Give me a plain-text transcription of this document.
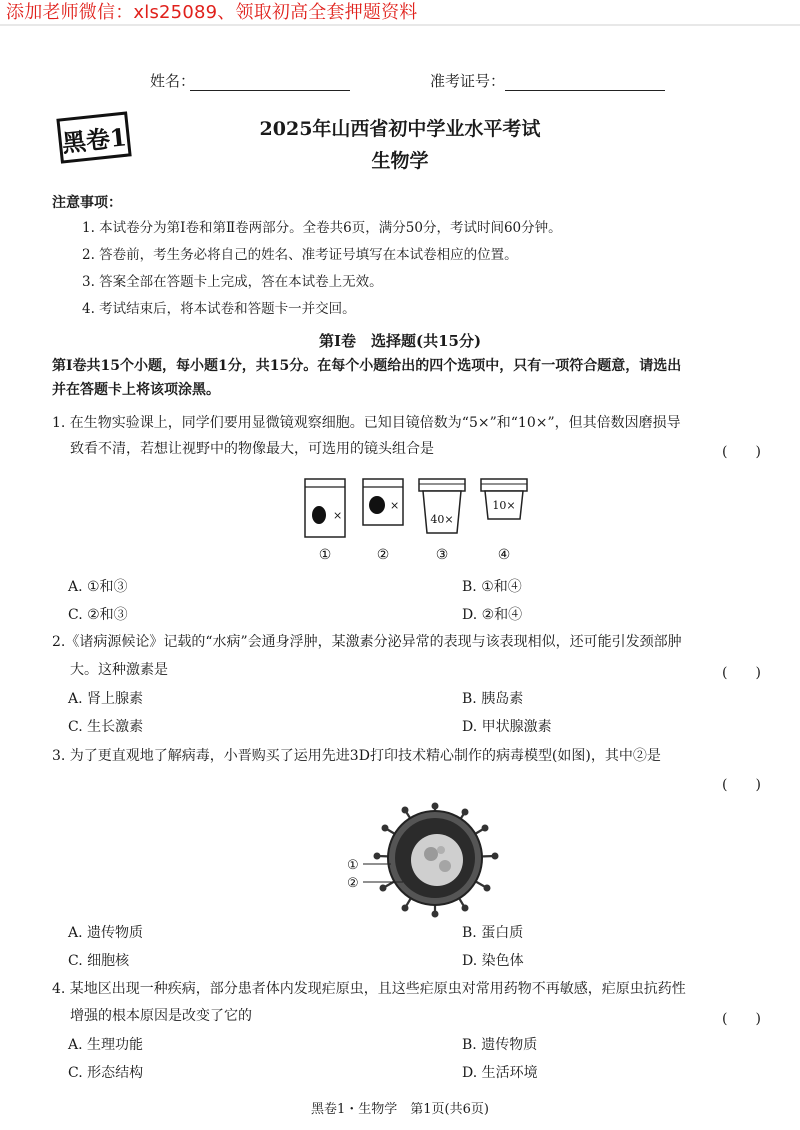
添加老师微信：xls25089、领取初高全套押题资料
姓名：	准考证号：
黑卷1	2025年山西省初中学业水平考试
生物学
注意事项：
1. 本试卷分为第Ⅰ卷和第Ⅱ卷两部分。全卷共6页，满分50分，考试时间60分钟。
2. 答卷前，考生务必将自己的姓名、准考证号填写在本试卷相应的位置。
3. 答案全部在答题卡上完成，答在本试卷上无效。
4. 考试结束后，将本试卷和答题卡一并交回。
第Ⅰ卷　选择题(共15分)
第Ⅰ卷共15个小题，每小题1分，共15分。在每个小题给出的四个选项中，只有一项符合题意，请选出
并在答题卡上将该项涂黑。
1. 在生物实验课上，同学们要用显微镜观察细胞。已知目镜倍数为“5×”和“10×”，但其倍数因磨损导
致看不清，若想让视野中的物像最大，可选用的镜头组合是	(　　)
×
×
40×
10×
①	②	③	④
A. ①和③	B. ①和④
C. ②和③	D. ②和④
2.《诸病源候论》记载的“水病”会通身浮肿，某激素分泌异常的表现与该表现相似，还可能引发颈部肿
大。这种激素是	(　　)
A. 肾上腺素	B. 胰岛素
C. 生长激素	D. 甲状腺激素
3. 为了更直观地了解病毒，小晋购买了运用先进3D打印技术精心制作的病毒模型(如图)，其中②是
(　　)
①
②
A. 遗传物质	B. 蛋白质
C. 细胞核	D. 染色体
4. 某地区出现一种疾病，部分患者体内发现疟原虫，且这些疟原虫对常用药物不再敏感，疟原虫抗药性
增强的根本原因是改变了它的	(　　)
A. 生理功能	B. 遗传物质
C. 形态结构	D. 生活环境
黑卷1・生物学　第1页(共6页)
